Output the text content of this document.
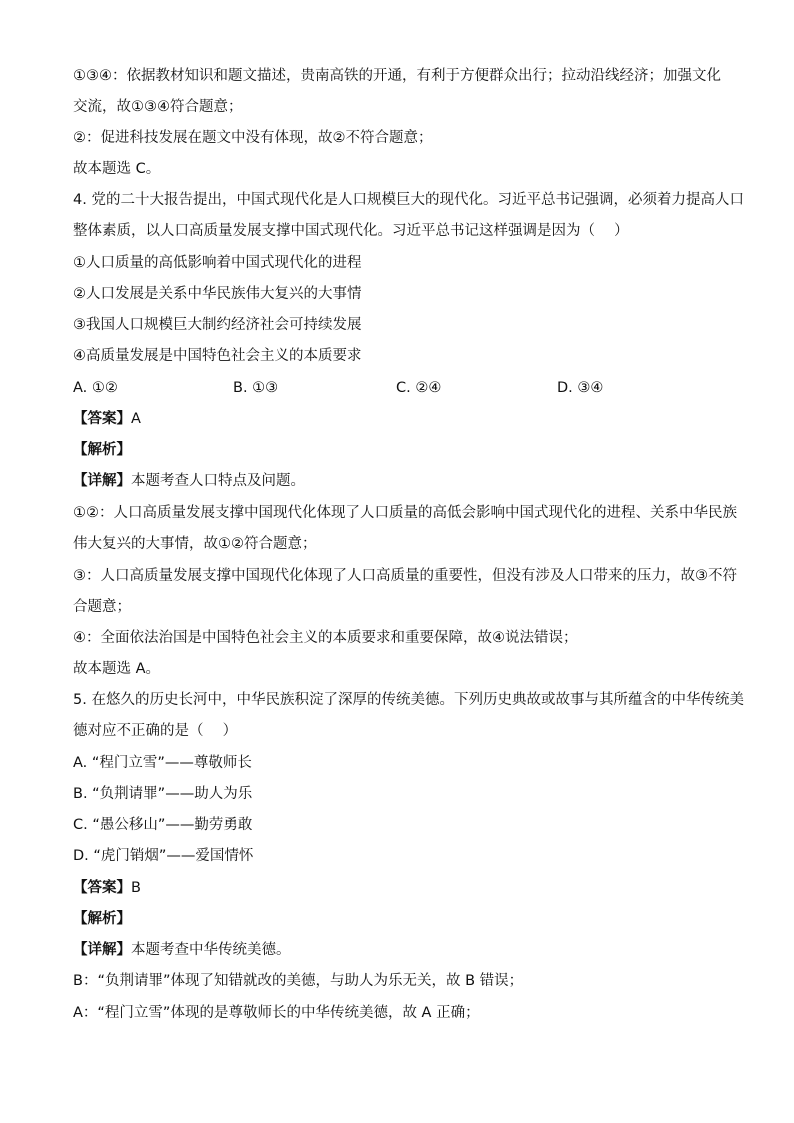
①③④：依据教材知识和题文描述，贵南高铁的开通，有利于方便群众出行；拉动沿线经济；加强文化
交流，故①③④符合题意；
②：促进科技发展在题文中没有体现，故②不符合题意；
故本题选 C。
4. 党的二十大报告提出，中国式现代化是人口规模巨大的现代化。习近平总书记强调，必须着力提高人口
整体素质，以人口高质量发展支撑中国式现代化。习近平总书记这样强调是因为（　 ）
①人口质量的高低影响着中国式现代化的进程
②人口发展是关系中华民族伟大复兴的大事情
③我国人口规模巨大制约经济社会可持续发展
④高质量发展是中国特色社会主义的本质要求
A. ①②	B. ①③	C. ②④	D. ③④
【答案】A
【解析】
【详解】本题考查人口特点及问题。
①②：人口高质量发展支撑中国现代化体现了人口质量的高低会影响中国式现代化的进程、关系中华民族
伟大复兴的大事情，故①②符合题意；
③：人口高质量发展支撑中国现代化体现了人口高质量的重要性，但没有涉及人口带来的压力，故③不符
合题意；
④：全面依法治国是中国特色社会主义的本质要求和重要保障，故④说法错误；
故本题选 A。
5. 在悠久的历史长河中，中华民族积淀了深厚的传统美德。下列历史典故或故事与其所蕴含的中华传统美
德对应不正确的是（　 ）
A. “程门立雪”——尊敬师长
B. “负荆请罪”——助人为乐
C. “愚公移山”——勤劳勇敢
D. “虎门销烟”——爱国情怀
【答案】B
【解析】
【详解】本题考查中华传统美德。
B：“负荆请罪”体现了知错就改的美德，与助人为乐无关，故 B 错误；
A：“程门立雪”体现的是尊敬师长的中华传统美德，故 A 正确；
